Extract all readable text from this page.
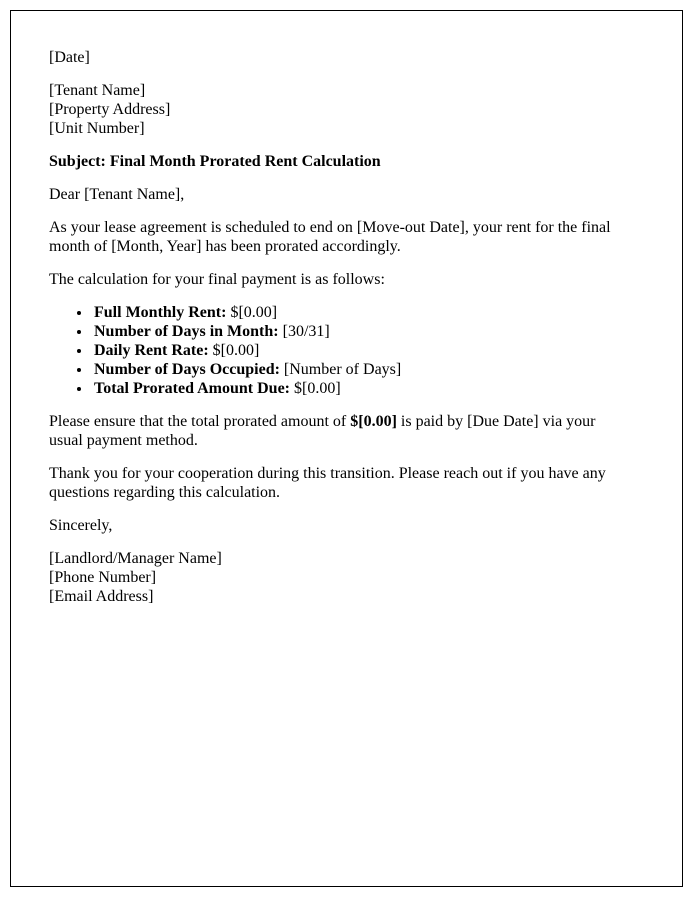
[Date]

[Tenant Name]
[Property Address]
[Unit Number]

Subject: Final Month Prorated Rent Calculation

Dear [Tenant Name],

As your lease agreement is scheduled to end on [Move-out Date], your rent for the final month of [Month, Year] has been prorated accordingly.

The calculation for your final payment is as follows:

• Full Monthly Rent: $[0.00]
• Number of Days in Month: [30/31]
• Daily Rent Rate: $[0.00]
• Number of Days Occupied: [Number of Days]
• Total Prorated Amount Due: $[0.00]

Please ensure that the total prorated amount of $[0.00] is paid by [Due Date] via your usual payment method.

Thank you for your cooperation during this transition. Please reach out if you have any questions regarding this calculation.

Sincerely,

[Landlord/Manager Name]
[Phone Number]
[Email Address]
